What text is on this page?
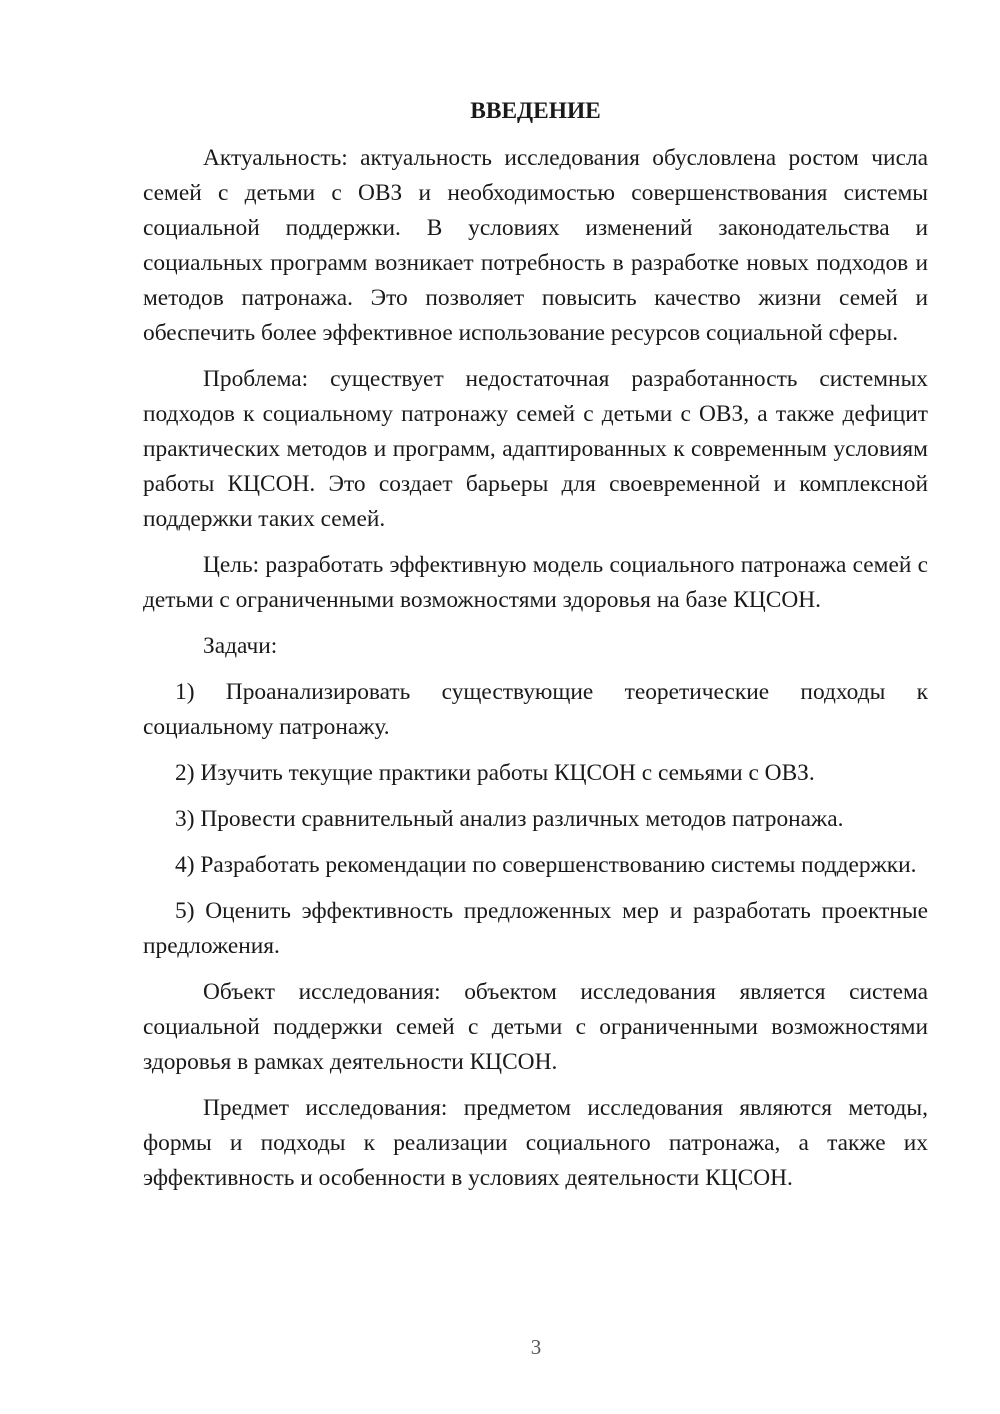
ВВЕДЕНИЕ

Актуальность: актуальность исследования обусловлена ростом числа семей с детьми с ОВЗ и необходимостью совершенствования системы социальной поддержки. В условиях изменений законодательства и социальных программ возникает потребность в разработке новых подходов и методов патронажа. Это позволяет повысить качество жизни семей и обеспечить более эффективное использование ресурсов социальной сферы.

Проблема: существует недостаточная разработанность системных подходов к социальному патронажу семей с детьми с ОВЗ, а также дефицит практических методов и программ, адаптированных к современным условиям работы КЦСОН. Это создает барьеры для своевременной и комплексной поддержки таких семей.

Цель: разработать эффективную модель социального патронажа семей с детьми с ограниченными возможностями здоровья на базе КЦСОН.

Задачи:

1) Проанализировать существующие теоретические подходы к социальному патронажу.

2) Изучить текущие практики работы КЦСОН с семьями с ОВЗ.

3) Провести сравнительный анализ различных методов патронажа.

4) Разработать рекомендации по совершенствованию системы поддержки.

5) Оценить эффективность предложенных мер и разработать проектные предложения.

Объект исследования: объектом исследования является система социальной поддержки семей с детьми с ограниченными возможностями здоровья в рамках деятельности КЦСОН.

Предмет исследования: предметом исследования являются методы, формы и подходы к реализации социального патронажа, а также их эффективность и особенности в условиях деятельности КЦСОН.

3
